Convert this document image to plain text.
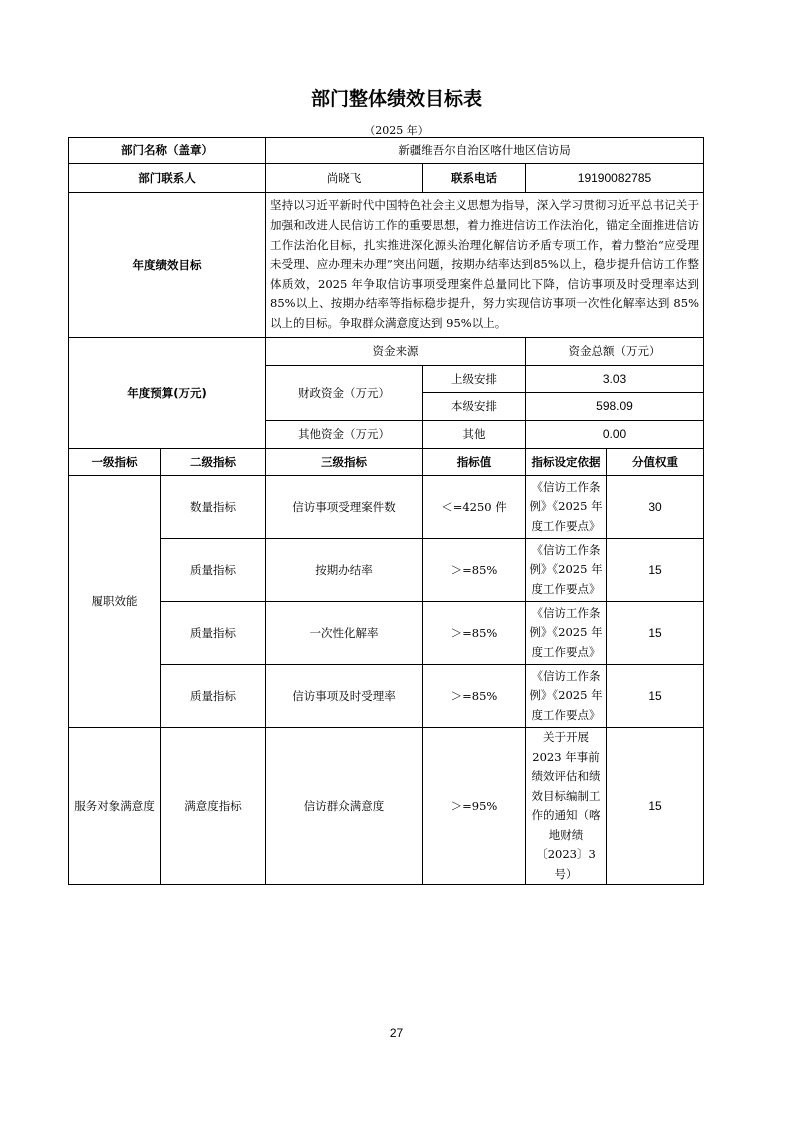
部门整体绩效目标表
（2025 年）
部门名称（盖章）		新疆维吾尔自治区喀什地区信访局			
部门联系人		尚晓飞	联系电话	19190082785	
年度绩效目标		坚持以习近平新时代中国特色社会主义思想为指导，深入学习贯彻习近平总书记关于加强和改进人民信访工作的重要思想，着力推进信访工作法治化，锚定全面推进信访工作法治化目标，扎实推进深化源头治理化解信访矛盾专项工作，着力整治“应受理未受理、应办理未办理”突出问题，按期办结率达到85%以上，稳步提升信访工作整体质效，2025 年争取信访事项受理案件总量同比下降，信访事项及时受理率达到 85%以上、按期办结率等指标稳步提升，努力实现信访事项一次性化解率达到 85%以上的目标。争取群众满意度达到 95%以上。			
年度预算(万元)		资金来源		资金总额（万元）	
		财政资金（万元）	上级安排	3.03	
			本级安排	598.09	
		其他资金（万元）	其他	0.00	
一级指标	二级指标	三级指标	指标值	指标设定依据	分值权重
履职效能	数量指标	信访事项受理案件数	＜=4250 件	《信访工作条例》《2025 年度工作要点》	30
	质量指标	按期办结率	＞=85%	《信访工作条例》《2025 年度工作要点》	15
	质量指标	一次性化解率	＞=85%	《信访工作条例》《2025 年度工作要点》	15
	质量指标	信访事项及时受理率	＞=85%	《信访工作条例》《2025 年度工作要点》	15
服务对象满意度	满意度指标	信访群众满意度	＞=95%	关于开展 2023 年事前绩效评估和绩效目标编制工作的通知（喀地财绩〔2023〕3 号）	15
27
